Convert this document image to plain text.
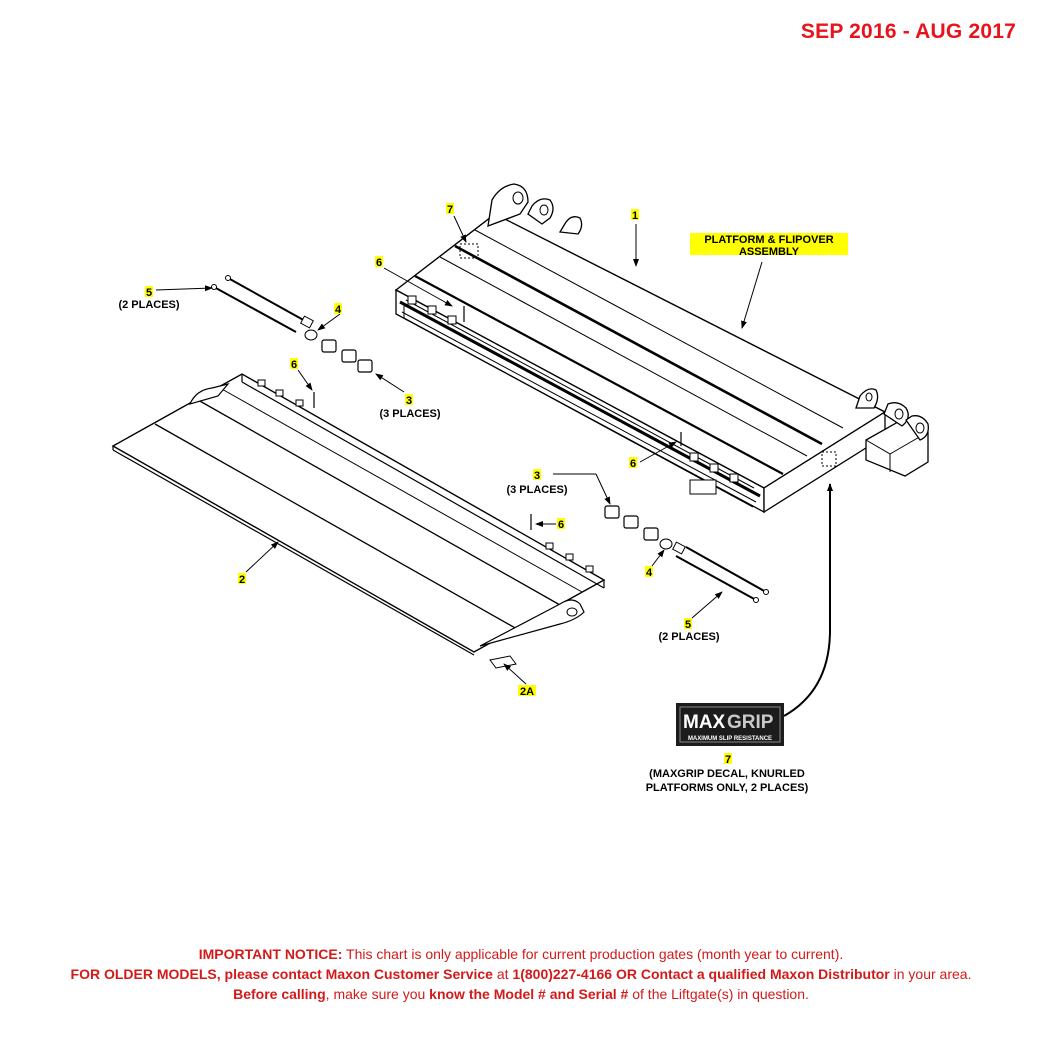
SEP 2016 - AUG 2017
1
PLATFORM & FLIPOVER
ASSEMBLY
7
6
5
(2 PLACES)	4
6
3
(3 PLACES)
6
3
(3 PLACES)
6
4
2
5
(2 PLACES)
2A
7
(MAXGRIP DECAL, KNURLED
PLATFORMS ONLY, 2 PLACES)
MAX GRIP
MAXIMUM SLIP RESISTANCE
IMPORTANT NOTICE: This chart is only applicable for current production gates (month year to current).
FOR OLDER MODELS, please contact Maxon Customer Service at 1(800)227-4166 OR Contact a qualified Maxon Distributor in your area. Before calling, make sure you know the Model # and Serial # of the Liftgate(s) in question.
